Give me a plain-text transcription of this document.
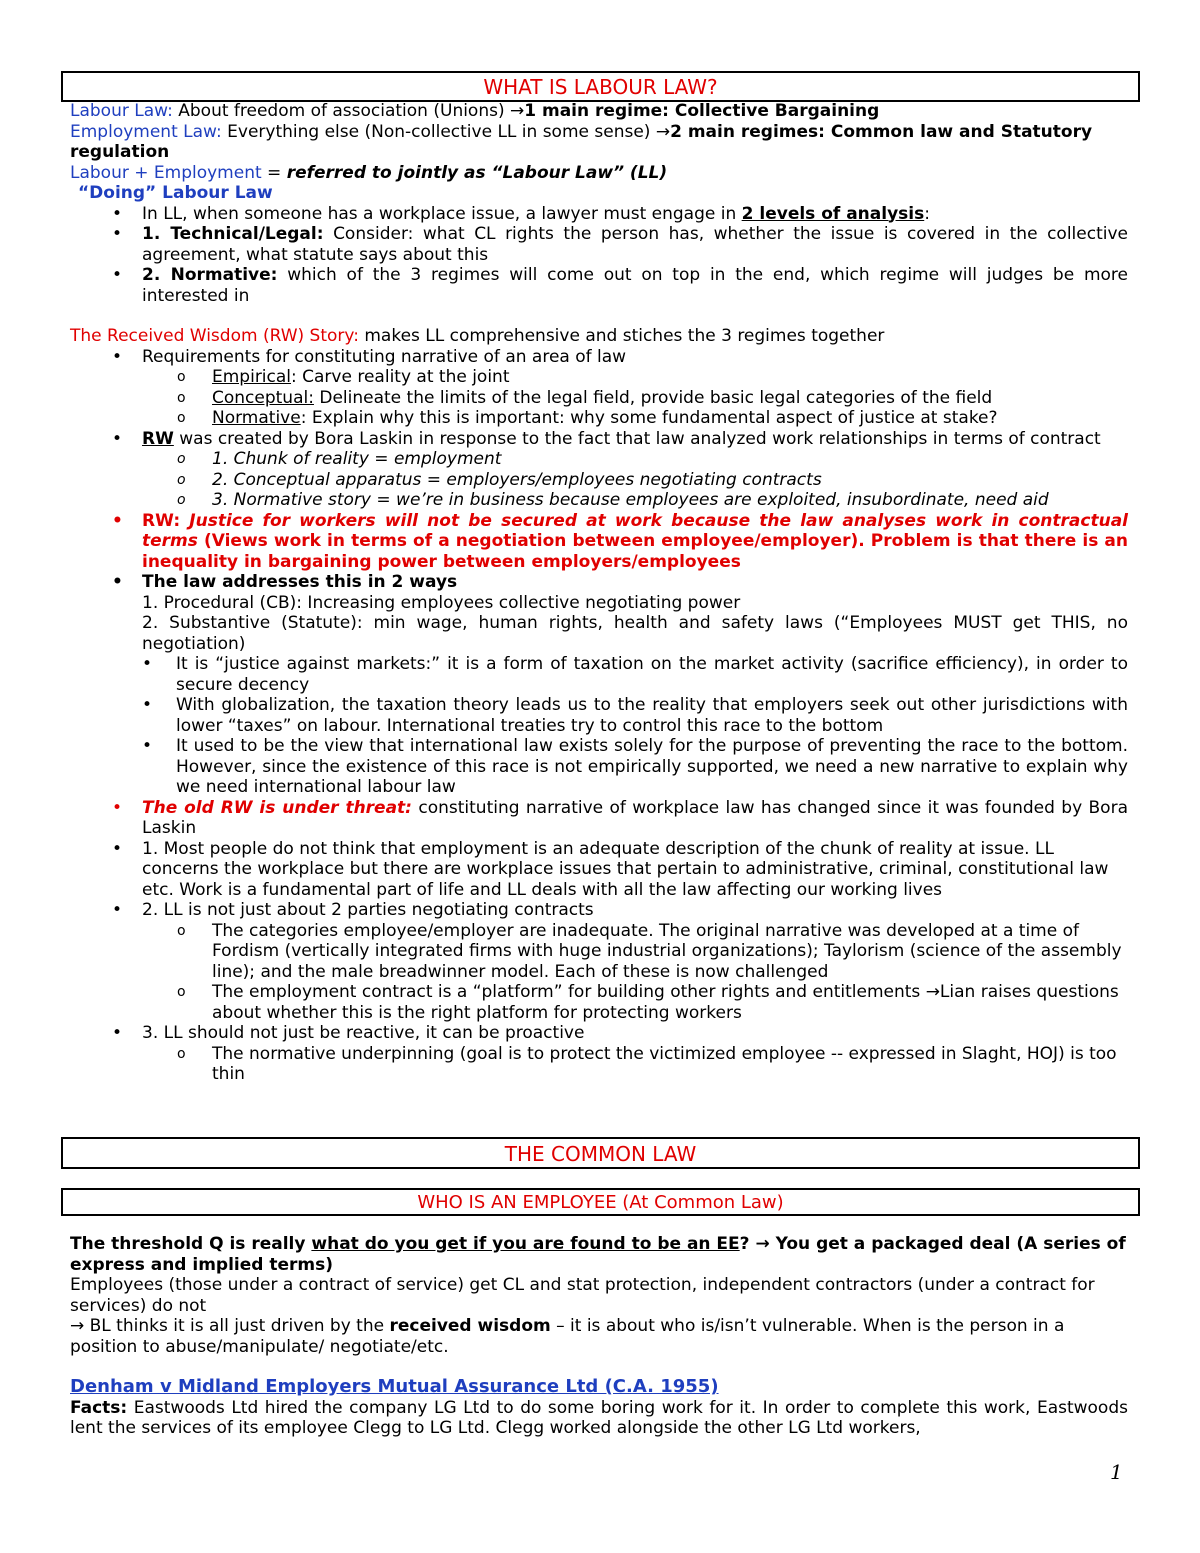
WHAT IS LABOUR LAW?

Labour Law: About freedom of association (Unions) →1 main regime: Collective Bargaining

Employment Law: Everything else (Non-collective LL in some sense) →2 main regimes: Common law and Statutory regulation

Labour + Employment = referred to jointly as “Labour Law” (LL)

“Doing” Labour Law

• In LL, when someone has a workplace issue, a lawyer must engage in 2 levels of analysis:
• 1. Technical/Legal: Consider: what CL rights the person has, whether the issue is covered in the collective agreement, what statute says about this
• 2. Normative: which of the 3 regimes will come out on top in the end, which regime will judges be more interested in

The Received Wisdom (RW) Story: makes LL comprehensive and stiches the 3 regimes together

• Requirements for constituting narrative of an area of law
o Empirical: Carve reality at the joint
o Conceptual: Delineate the limits of the legal field, provide basic legal categories of the field
o Normative: Explain why this is important: why some fundamental aspect of justice at stake?
• RW was created by Bora Laskin in response to the fact that law analyzed work relationships in terms of contract
o 1. Chunk of reality = employment
o 2. Conceptual apparatus = employers/employees negotiating contracts
o 3. Normative story = we’re in business because employees are exploited, insubordinate, need aid
• RW: Justice for workers will not be secured at work because the law analyses work in contractual terms (Views work in terms of a negotiation between employee/employer). Problem is that there is an inequality in bargaining power between employers/employees
• The law addresses this in 2 ways
1. Procedural (CB): Increasing employees collective negotiating power
2. Substantive (Statute): min wage, human rights, health and safety laws (“Employees MUST get THIS, no negotiation)
• It is “justice against markets:” it is a form of taxation on the market activity (sacrifice efficiency), in order to secure decency
• With globalization, the taxation theory leads us to the reality that employers seek out other jurisdictions with lower “taxes” on labour. International treaties try to control this race to the bottom
• It used to be the view that international law exists solely for the purpose of preventing the race to the bottom. However, since the existence of this race is not empirically supported, we need a new narrative to explain why we need international labour law
• The old RW is under threat: constituting narrative of workplace law has changed since it was founded by Bora Laskin
• 1. Most people do not think that employment is an adequate description of the chunk of reality at issue. LL concerns the workplace but there are workplace issues that pertain to administrative, criminal, constitutional law etc. Work is a fundamental part of life and LL deals with all the law affecting our working lives
• 2. LL is not just about 2 parties negotiating contracts
o The categories employee/employer are inadequate. The original narrative was developed at a time of Fordism (vertically integrated firms with huge industrial organizations); Taylorism (science of the assembly line); and the male breadwinner model. Each of these is now challenged
o The employment contract is a “platform” for building other rights and entitlements →Lian raises questions about whether this is the right platform for protecting workers
• 3. LL should not just be reactive, it can be proactive
o The normative underpinning (goal is to protect the victimized employee -- expressed in Slaght, HOJ) is too thin
THE COMMON LAW
WHO IS AN EMPLOYEE (At Common Law)

The threshold Q is really what do you get if you are found to be an EE? → You get a packaged deal (A series of express and implied terms)

Employees (those under a contract of service) get CL and stat protection, independent contractors (under a contract for services) do not

→ BL thinks it is all just driven by the received wisdom – it is about who is/isn’t vulnerable. When is the person in a position to abuse/manipulate/ negotiate/etc.

Denham v Midland Employers Mutual Assurance Ltd (C.A. 1955)

Facts: Eastwoods Ltd hired the company LG Ltd to do some boring work for it. In order to complete this work, Eastwoods lent the services of its employee Clegg to LG Ltd. Clegg worked alongside the other LG Ltd workers,

1
